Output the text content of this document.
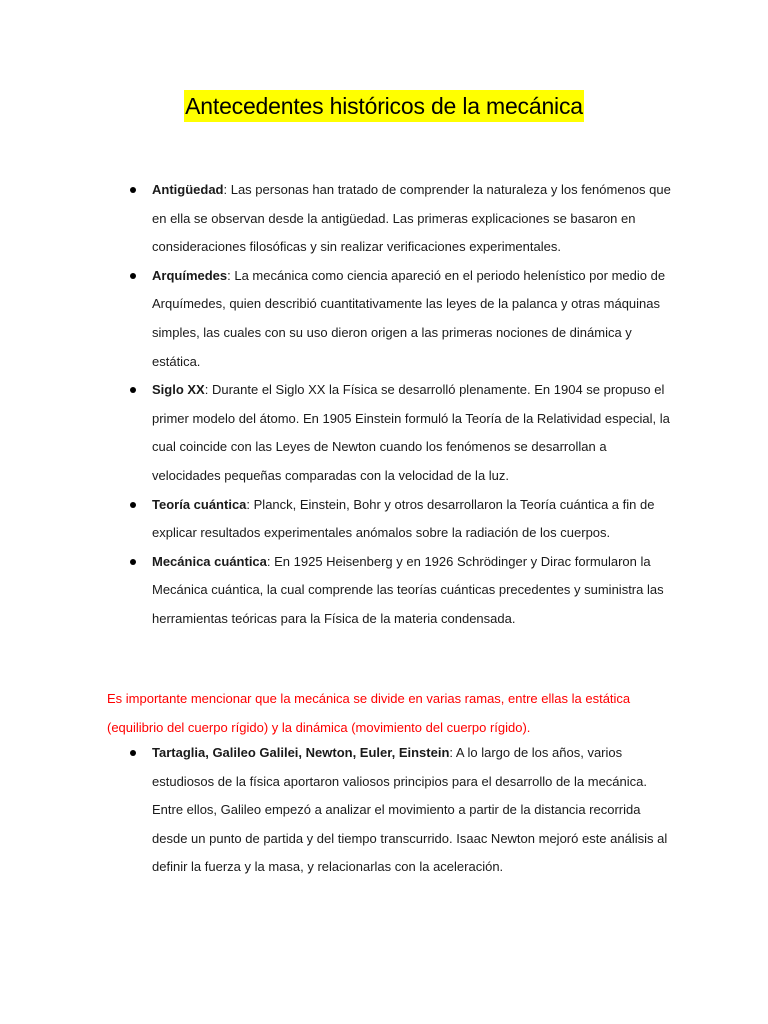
Antecedentes históricos de la mecánica
Antigüedad: Las personas han tratado de comprender la naturaleza y los fenómenos que en ella se observan desde la antigüedad. Las primeras explicaciones se basaron en consideraciones filosóficas y sin realizar verificaciones experimentales.
Arquímedes: La mecánica como ciencia apareció en el periodo helenístico por medio de Arquímedes, quien describió cuantitativamente las leyes de la palanca y otras máquinas simples, las cuales con su uso dieron origen a las primeras nociones de dinámica y estática.
Siglo XX: Durante el Siglo XX la Física se desarrolló plenamente. En 1904 se propuso el primer modelo del átomo. En 1905 Einstein formuló la Teoría de la Relatividad especial, la cual coincide con las Leyes de Newton cuando los fenómenos se desarrollan a velocidades pequeñas comparadas con la velocidad de la luz.
Teoría cuántica: Planck, Einstein, Bohr y otros desarrollaron la Teoría cuántica a fin de explicar resultados experimentales anómalos sobre la radiación de los cuerpos.
Mecánica cuántica: En 1925 Heisenberg y en 1926 Schrödinger y Dirac formularon la Mecánica cuántica, la cual comprende las teorías cuánticas precedentes y suministra las herramientas teóricas para la Física de la materia condensada.

Es importante mencionar que la mecánica se divide en varias ramas, entre ellas la estática (equilibrio del cuerpo rígido) y la dinámica (movimiento del cuerpo rígido).

Tartaglia, Galileo Galilei, Newton, Euler, Einstein: A lo largo de los años, varios estudiosos de la física aportaron valiosos principios para el desarrollo de la mecánica. Entre ellos, Galileo empezó a analizar el movimiento a partir de la distancia recorrida desde un punto de partida y del tiempo transcurrido. Isaac Newton mejoró este análisis al definir la fuerza y la masa, y relacionarlas con la aceleración.
